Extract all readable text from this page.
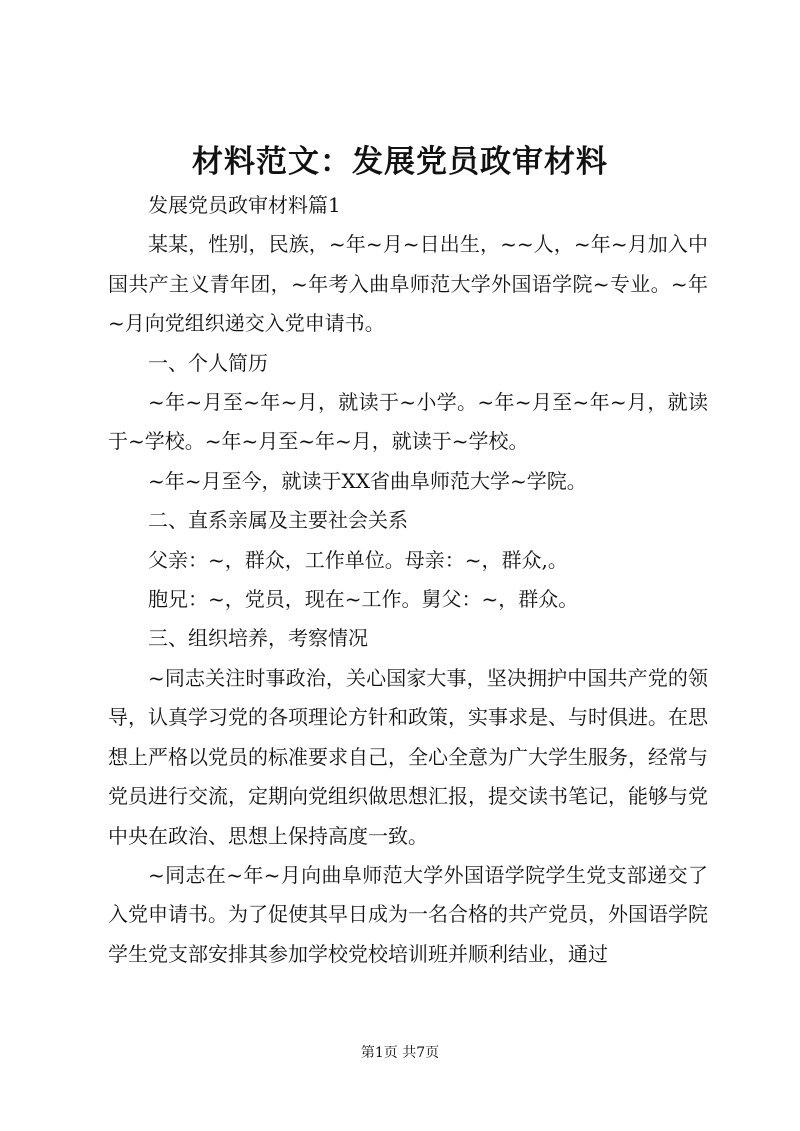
材料范文：发展党员政审材料

发展党员政审材料篇1

某某，性别，民族，~年~月~日出生，~~人，~年~月加入中国共产主义青年团，~年考入曲阜师范大学外国语学院~专业。~年~月向党组织递交入党申请书。

一、个人简历

~年~月至~年~月，就读于~小学。~年~月至~年~月，就读于~学校。~年~月至~年~月，就读于~学校。

~年~月至今，就读于XX省曲阜师范大学~学院。

二、直系亲属及主要社会关系

父亲：~，群众，工作单位。母亲：~，群众,。

胞兄：~，党员，现在~工作。舅父：~，群众。

三、组织培养，考察情况

~同志关注时事政治，关心国家大事，坚决拥护中国共产党的领导，认真学习党的各项理论方针和政策，实事求是、与时俱进。在思想上严格以党员的标准要求自己，全心全意为广大学生服务，经常与党员进行交流，定期向党组织做思想汇报，提交读书笔记，能够与党中央在政治、思想上保持高度一致。

~同志在~年~月向曲阜师范大学外国语学院学生党支部递交了入党申请书。为了促使其早日成为一名合格的共产党员，外国语学院学生党支部安排其参加学校党校培训班并顺利结业，通过

第1页 共7页
